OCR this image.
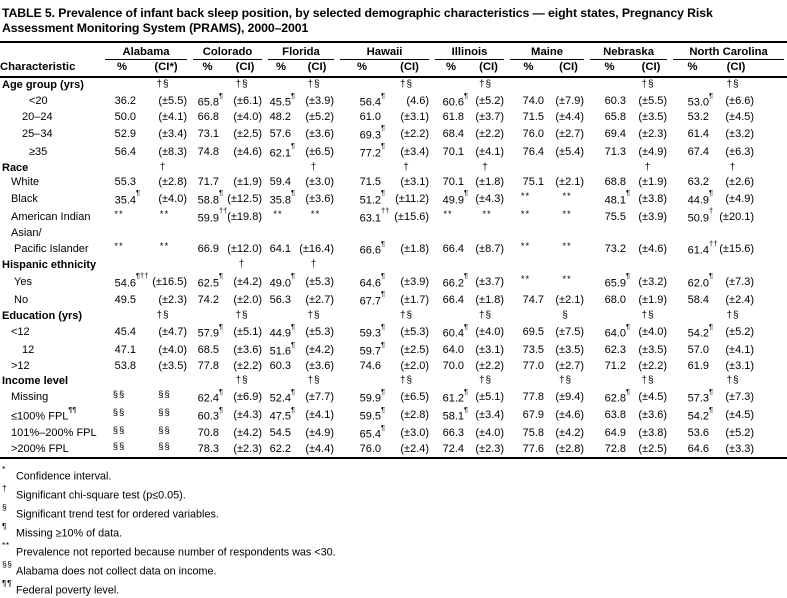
TABLE 5. Prevalence of infant back sleep position, by selected demographic characteristics — eight states, Pregnancy Risk Assessment Monitoring System (PRAMS), 2000–2001

	Alabama		Colorado		Florida		Hawaii		Illinois		Maine		Nebraska		North Carolina		

Characteristic	%	(CI*)	%	(CI)	%	(CI)	%	(CI)	%	(CI)	%	(CI)	%	(CI)	%	(CI)	
Age group (yrs)		†§		†§		†§		†§		†§				†§		†§	
<20	36.2	(±5.5)	65.8¶	(±6.1)	45.5¶	(±3.9)	56.4¶	(4.6)	60.6¶	(±5.2)	74.0	(±7.9)	60.3	(±5.5)	53.0¶	(±6.6)	
20–24	50.0	(±4.1)	66.8	(±4.0)	48.2	(±5.2)	61.0	(±3.1)	61.8	(±3.7)	71.5	(±4.4)	65.8	(±3.5)	53.2	(±4.5)	
25–34	52.9	(±3.4)	73.1	(±2.5)	57.6	(±3.6)	69.3¶	(±2.2)	68.4	(±2.2)	76.0	(±2.7)	69.4	(±2.3)	61.4	(±3.2)	
≥35	56.4	(±8.3)	74.8	(±4.6)	62.1¶	(±6.5)	77.2¶	(±3.4)	70.1	(±4.1)	76.4	(±5.4)	71.3	(±4.9)	67.4	(±6.3)	
Race		†				†		†		†				†		†	
White	55.3	(±2.8)	71.7	(±1.9)	59.4	(±3.0)	71.5	(±3.1)	70.1	(±1.8)	75.1	(±2.1)	68.8	(±1.9)	63.2	(±2.6)	
Black	35.4¶	(±4.0)	58.8¶	(±12.5)	35.8¶	(±3.6)	51.2¶	(±11.2)	49.9¶	(±4.3)	**	**	48.1¶	(±3.8)	44.9¶	(±4.9)	
American Indian	**	**	59.9††	(±19.8)	**	**	63.1††	(±15.6)	**	**	**	**	75.5	(±3.9)	50.9†	(±20.1)	
Asian/																	
Pacific Islander	**	**	66.9	(±12.0)	64.1	(±16.4)	66.6¶	(±1.8)	66.4	(±8.7)	**	**	73.2	(±4.6)	61.4††	(±15.6)	
Hispanic ethnicity				†		†											
Yes	54.6¶††	(±16.5)	62.5¶	(±4.2)	49.0¶	(±5.3)	64.6¶	(±3.9)	66.2¶	(±3.7)	**	**	65.9¶	(±3.2)	62.0¶	(±7.3)	
No	49.5	(±2.3)	74.2	(±2.0)	56.3	(±2.7)	67.7¶	(±1.7)	66.4	(±1.8)	74.7	(±2.1)	68.0	(±1.9)	58.4	(±2.4)	
Education (yrs)		†§		†§		†§		†§		†§		§		†§		†§	
<12	45.4	(±4.7)	57.9¶	(±5.1)	44.9¶	(±5.3)	59.3¶	(±5.3)	60.4¶	(±4.0)	69.5	(±7.5)	64.0¶	(±4.0)	54.2¶	(±5.2)	
12	47.1	(±4.0)	68.5	(±3.6)	51.6¶	(±4.2)	59.7¶	(±2.5)	64.0	(±3.1)	73.5	(±3.5)	62.3	(±3.5)	57.0	(±4.1)	
>12	53.8	(±3.5)	77.8	(±2.2)	60.3	(±3.6)	74.6	(±2.0)	70.0	(±2.2)	77.0	(±2.7)	71.2	(±2.2)	61.9	(±3.1)	
Income level				†§		†§		†§		†§		†§		†§		†§	
Missing	§§	§§	62.4¶	(±6.9)	52.4¶	(±7.7)	59.9¶	(±6.5)	61.2¶	(±5.1)	77.8	(±9.4)	62.8¶	(±4.5)	57.3¶	(±7.3)	
≤100% FPL¶¶	§§	§§	60.3¶	(±4.3)	47.5¶	(±4.1)	59.5¶	(±2.8)	58.1¶	(±3.4)	67.9	(±4.6)	63.8	(±3.6)	54.2¶	(±4.5)	
101%–200% FPL	§§	§§	70.8	(±4.2)	54.5	(±4.9)	65.4¶	(±3.0)	66.3	(±4.0)	75.8	(±4.2)	64.9	(±3.8)	53.6	(±5.2)	
>200% FPL	§§	§§	78.3	(±2.3)	62.2	(±4.4)	76.0	(±2.4)	72.4	(±2.3)	77.6	(±2.8)	72.8	(±2.5)	64.6	(±3.3)	
*Confidence interval.
†Significant chi-square test (p≤0.05).
§Significant trend test for ordered variables.
¶Missing ≥10% of data.
**Prevalence not reported because number of respondents was <30.
§§Alabama does not collect data on income.
¶¶Federal poverty level.
